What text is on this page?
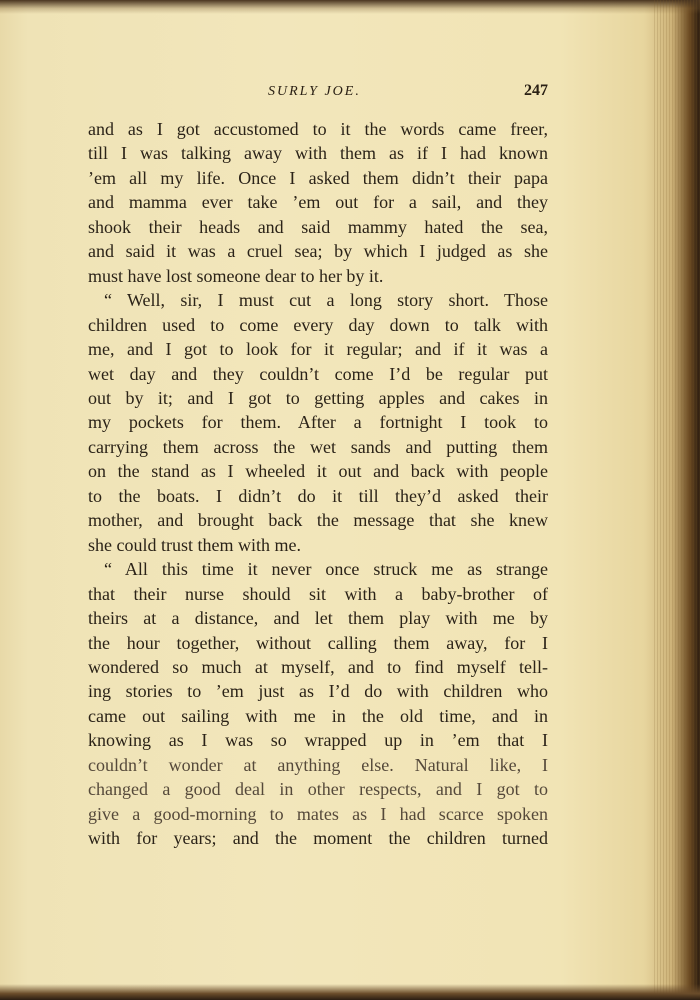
SURLY JOE.	247
and as I got accustomed to it the words came freer,
till I was talking away with them as if I had known
’em all my life. Once I asked them didn’t their papa
and mamma ever take ’em out for a sail, and they
shook their heads and said mammy hated the sea,
and said it was a cruel sea; by which I judged as she
must have lost someone dear to her by it.
“ Well, sir, I must cut a long story short. Those
children used to come every day down to talk with
me, and I got to look for it regular; and if it was a
wet day and they couldn’t come I’d be regular put
out by it; and I got to getting apples and cakes in
my pockets for them. After a fortnight I took to
carrying them across the wet sands and putting them
on the stand as I wheeled it out and back with people
to the boats. I didn’t do it till they’d asked their
mother, and brought back the message that she knew
she could trust them with me.
“ All this time it never once struck me as strange
that their nurse should sit with a baby-brother of
theirs at a distance, and let them play with me by
the hour together, without calling them away, for I
wondered so much at myself, and to find myself tell-
ing stories to ’em just as I’d do with children who
came out sailing with me in the old time, and in
knowing as I was so wrapped up in ’em that I
couldn’t wonder at anything else. Natural like, I
changed a good deal in other respects, and I got to
give a good-morning to mates as I had scarce spoken
with for years; and the moment the children turned
